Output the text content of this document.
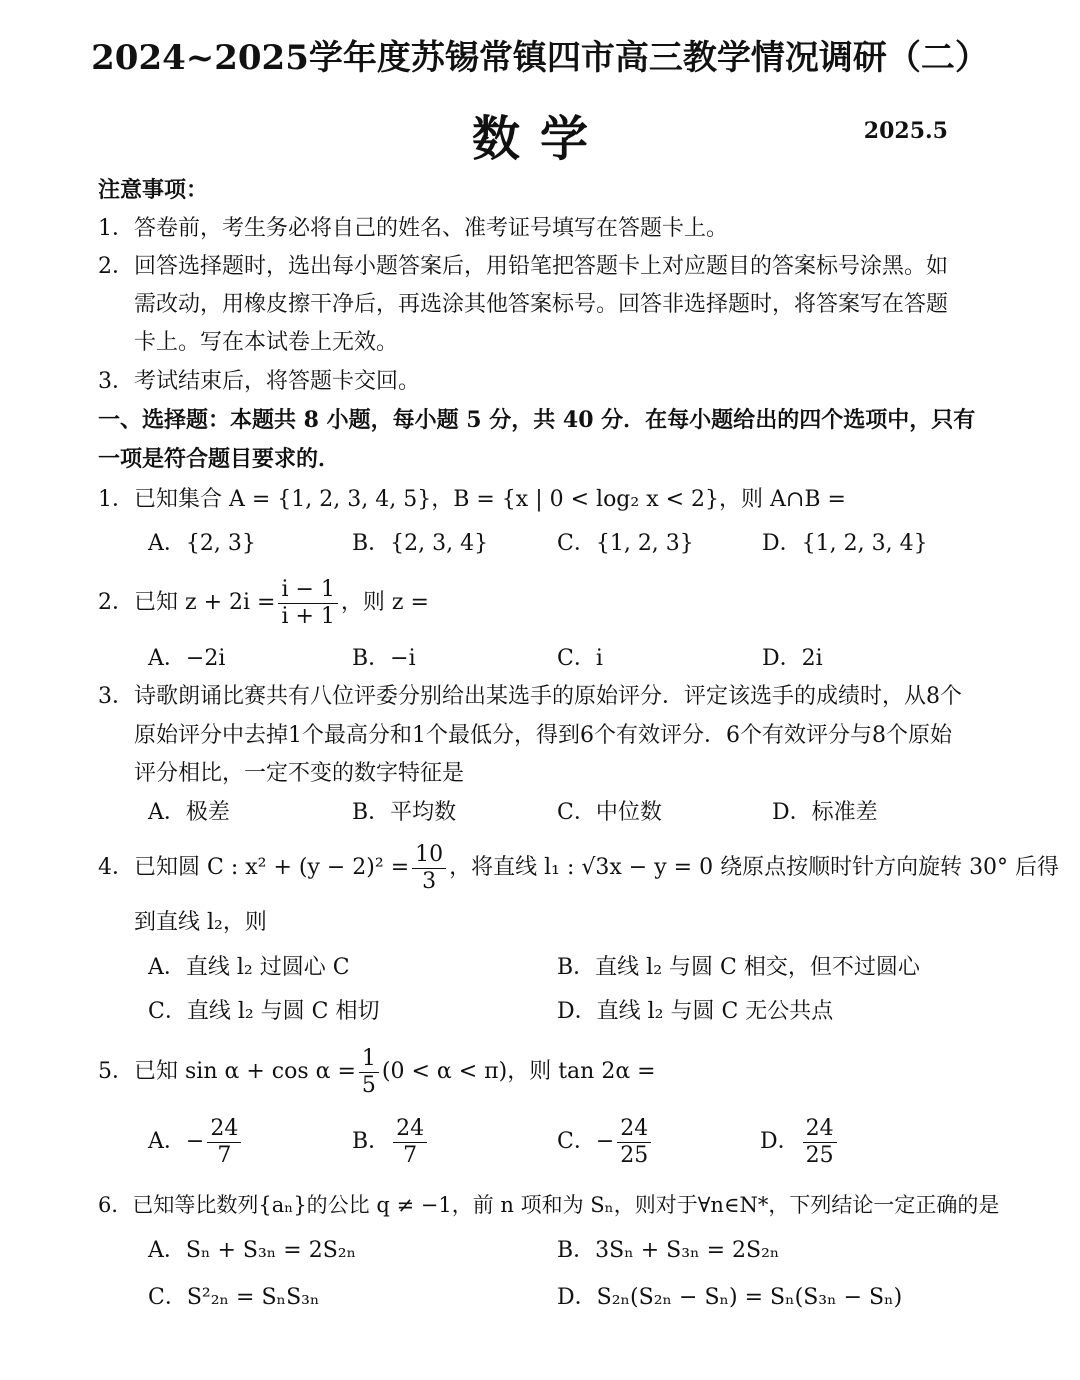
2024~2025学年度苏锡常镇四市高三教学情况调研（二）
数学	2025.5
注意事项：
1．答卷前，考生务必将自己的姓名、准考证号填写在答题卡上。
2．回答选择题时，选出每小题答案后，用铅笔把答题卡上对应题目的答案标号涂黑。如
需改动，用橡皮擦干净后，再选涂其他答案标号。回答非选择题时，将答案写在答题
卡上。写在本试卷上无效。
3．考试结束后，将答题卡交回。
一、选择题：本题共 8 小题，每小题 5 分，共 40 分．在每小题给出的四个选项中，只有
一项是符合题目要求的．
1．已知集合 A = {1, 2, 3, 4, 5}，B = {x | 0 < log₂ x < 2}，则 A∩B =
A．{2, 3}	B．{2, 3, 4}	C．{1, 2, 3}	D．{1, 2, 3, 4}
2．已知 $z + 2i = \frac{i - 1}{i + 1}$ ，则 z =
A．−2i	B．−i	C．i	D．2i
3．诗歌朗诵比赛共有八位评委分别给出某选手的原始评分．评定该选手的成绩时，从8个
原始评分中去掉1个最高分和1个最低分，得到6个有效评分．6个有效评分与8个原始
评分相比，一定不变的数字特征是
A．极差	B．平均数	C．中位数	D．标准差
4．已知圆 C : $x^2 + (y - 2)^2 = \frac{10}{3}$ ，将直线 l₁ : √3x − y = 0 绕原点按顺时针方向旋转 30° 后得
到直线 l₂，则
A．直线 l₂ 过圆心 C	B．直线 l₂ 与圆 C 相交，但不过圆心
C．直线 l₂ 与圆 C 相切	D．直线 l₂ 与圆 C 无公共点
5．已知 $\sin \alpha + \cos \alpha = \frac{1}{5} (0 < \alpha < \pi)$，则 tan 2α =
A．− $\frac{24}{7}$	B． $\frac{24}{7}$	C．− $\frac{24}{25}$	D． $\frac{24}{25}$
6．已知等比数列{aₙ}的公比 q ≠ −1，前 n 项和为 Sₙ，则对于∀n∈N*，下列结论一定正确的是
A．Sₙ + S₃ₙ = 2S₂ₙ	B．3Sₙ + S₃ₙ = 2S₂ₙ
C．S²₂ₙ = SₙS₃ₙ	D．S₂ₙ(S₂ₙ − Sₙ) = Sₙ(S₃ₙ − Sₙ)
